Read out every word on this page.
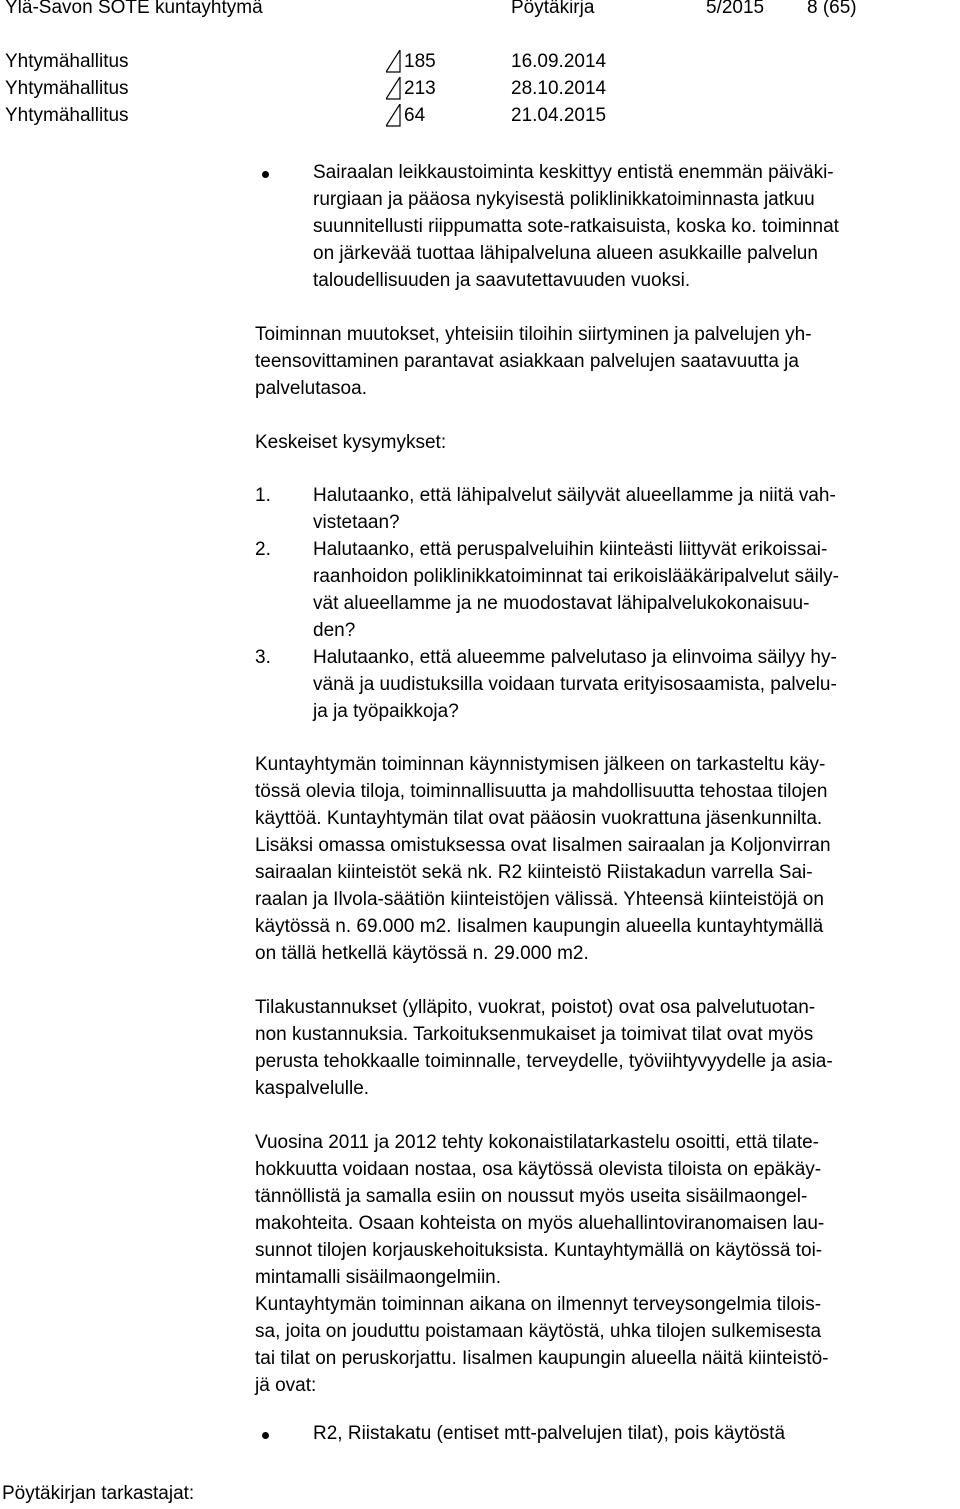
Ylä-Savon SOTE kuntayhtymä	Pöytäkirja	5/2015 8 (65)
Yhtymähallitus	185	16.09.2014
Yhtymähallitus	213	28.10.2014
Yhtymähallitus	64	21.04.2015
Sairaalan leikkaustoiminta keskittyy entistä enemmän päiväki-
rurgiaan ja pääosa nykyisestä poliklinikkatoiminnasta jatkuu
suunnitellusti riippumatta sote-ratkaisuista, koska ko. toiminnat
on järkevää tuottaa lähipalveluna alueen asukkaille palvelun
taloudellisuuden ja saavutettavuuden vuoksi.
Toiminnan muutokset, yhteisiin tiloihin siirtyminen ja palvelujen yh-
teensovittaminen parantavat asiakkaan palvelujen saatavuutta ja
palvelutasoa.
Keskeiset kysymykset:
1. Halutaanko, että lähipalvelut säilyvät alueellamme ja niitä vah-
vistetaan?
2. Halutaanko, että peruspalveluihin kiinteästi liittyvät erikoissai-
raanhoidon poliklinikkatoiminnat tai erikoislääkäripalvelut säily-
vät alueellamme ja ne muodostavat lähipalvelukokonaisuu-
den?
3. Halutaanko, että alueemme palvelutaso ja elinvoima säilyy hy-
vänä ja uudistuksilla voidaan turvata erityisosaamista, palvelu-
ja ja työpaikkoja?
Kuntayhtymän toiminnan käynnistymisen jälkeen on tarkasteltu käy-
tössä olevia tiloja, toiminnallisuutta ja mahdollisuutta tehostaa tilojen
käyttöä. Kuntayhtymän tilat ovat pääosin vuokrattuna jäsenkunnilta.
Lisäksi omassa omistuksessa ovat Iisalmen sairaalan ja Koljonvirran
sairaalan kiinteistöt sekä nk. R2 kiinteistö Riistakadun varrella Sai-
raalan ja Ilvola-säätiön kiinteistöjen välissä. Yhteensä kiinteistöjä on
käytössä n. 69.000 m2. Iisalmen kaupungin alueella kuntayhtymällä
on tällä hetkellä käytössä n. 29.000 m2.
Tilakustannukset (ylläpito, vuokrat, poistot) ovat osa palvelutuotan-
non kustannuksia. Tarkoituksenmukaiset ja toimivat tilat ovat myös
perusta tehokkaalle toiminnalle, terveydelle, työviihtyvyydelle ja asia-
kaspalvelulle.
Vuosina 2011 ja 2012 tehty kokonaistilatarkastelu osoitti, että tilate-
hokkuutta voidaan nostaa, osa käytössä olevista tiloista on epäkäy-
tännöllistä ja samalla esiin on noussut myös useita sisäilmaongel-
makohteita. Osaan kohteista on myös aluehallintoviranomaisen lau-
sunnot tilojen korjauskehoituksista. Kuntayhtymällä on käytössä toi-
mintamalli sisäilmaongelmiin.
Kuntayhtymän toiminnan aikana on ilmennyt terveysongelmia tilois-
sa, joita on jouduttu poistamaan käytöstä, uhka tilojen sulkemisesta
tai tilat on peruskorjattu. Iisalmen kaupungin alueella näitä kiinteistö-
jä ovat:
R2, Riistakatu (entiset mtt-palvelujen tilat), pois käytöstä
Pöytäkirjan tarkastajat:
